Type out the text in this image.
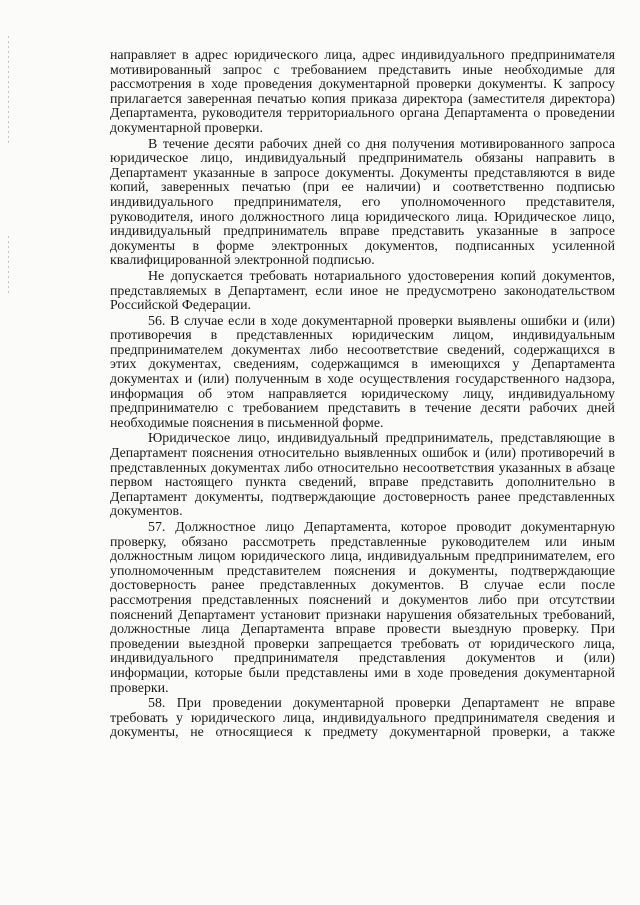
направляет в адрес юридического лица, адрес индивидуального предпринимателя
мотивированный запрос с требованием представить иные необходимые для
рассмотрения в ходе проведения документарной проверки документы. К запросу
прилагается заверенная печатью копия приказа директора (заместителя директора)
Департамента, руководителя территориального органа Департамента о проведении
документарной проверки.
В течение десяти рабочих дней со дня получения мотивированного запроса
юридическое лицо, индивидуальный предприниматель обязаны направить в
Департамент указанные в запросе документы. Документы представляются в виде
копий, заверенных печатью (при ее наличии) и соответственно подписью
индивидуального предпринимателя, его уполномоченного представителя,
руководителя, иного должностного лица юридического лица. Юридическое лицо,
индивидуальный предприниматель вправе представить указанные в запросе
документы в форме электронных документов, подписанных усиленной
квалифицированной электронной подписью.
Не допускается требовать нотариального удостоверения копий документов,
представляемых в Департамент, если иное не предусмотрено законодательством
Российской Федерации.
56. В случае если в ходе документарной проверки выявлены ошибки и (или)
противоречия в представленных юридическим лицом, индивидуальным
предпринимателем документах либо несоответствие сведений, содержащихся в
этих документах, сведениям, содержащимся в имеющихся у Департамента
документах и (или) полученным в ходе осуществления государственного надзора,
информация об этом направляется юридическому лицу, индивидуальному
предпринимателю с требованием представить в течение десяти рабочих дней
необходимые пояснения в письменной форме.
Юридическое лицо, индивидуальный предприниматель, представляющие в
Департамент пояснения относительно выявленных ошибок и (или) противоречий в
представленных документах либо относительно несоответствия указанных в абзаце
первом настоящего пункта сведений, вправе представить дополнительно в
Департамент документы, подтверждающие достоверность ранее представленных
документов.
57. Должностное лицо Департамента, которое проводит документарную
проверку, обязано рассмотреть представленные руководителем или иным
должностным лицом юридического лица, индивидуальным предпринимателем, его
уполномоченным представителем пояснения и документы, подтверждающие
достоверность ранее представленных документов. В случае если после
рассмотрения представленных пояснений и документов либо при отсутствии
пояснений Департамент установит признаки нарушения обязательных требований,
должностные лица Департамента вправе провести выездную проверку. При
проведении выездной проверки запрещается требовать от юридического лица,
индивидуального предпринимателя представления документов и (или)
информации, которые были представлены ими в ходе проведения документарной
проверки.
58. При проведении документарной проверки Департамент не вправе
требовать у юридического лица, индивидуального предпринимателя сведения и
документы, не относящиеся к предмету документарной проверки, а также
